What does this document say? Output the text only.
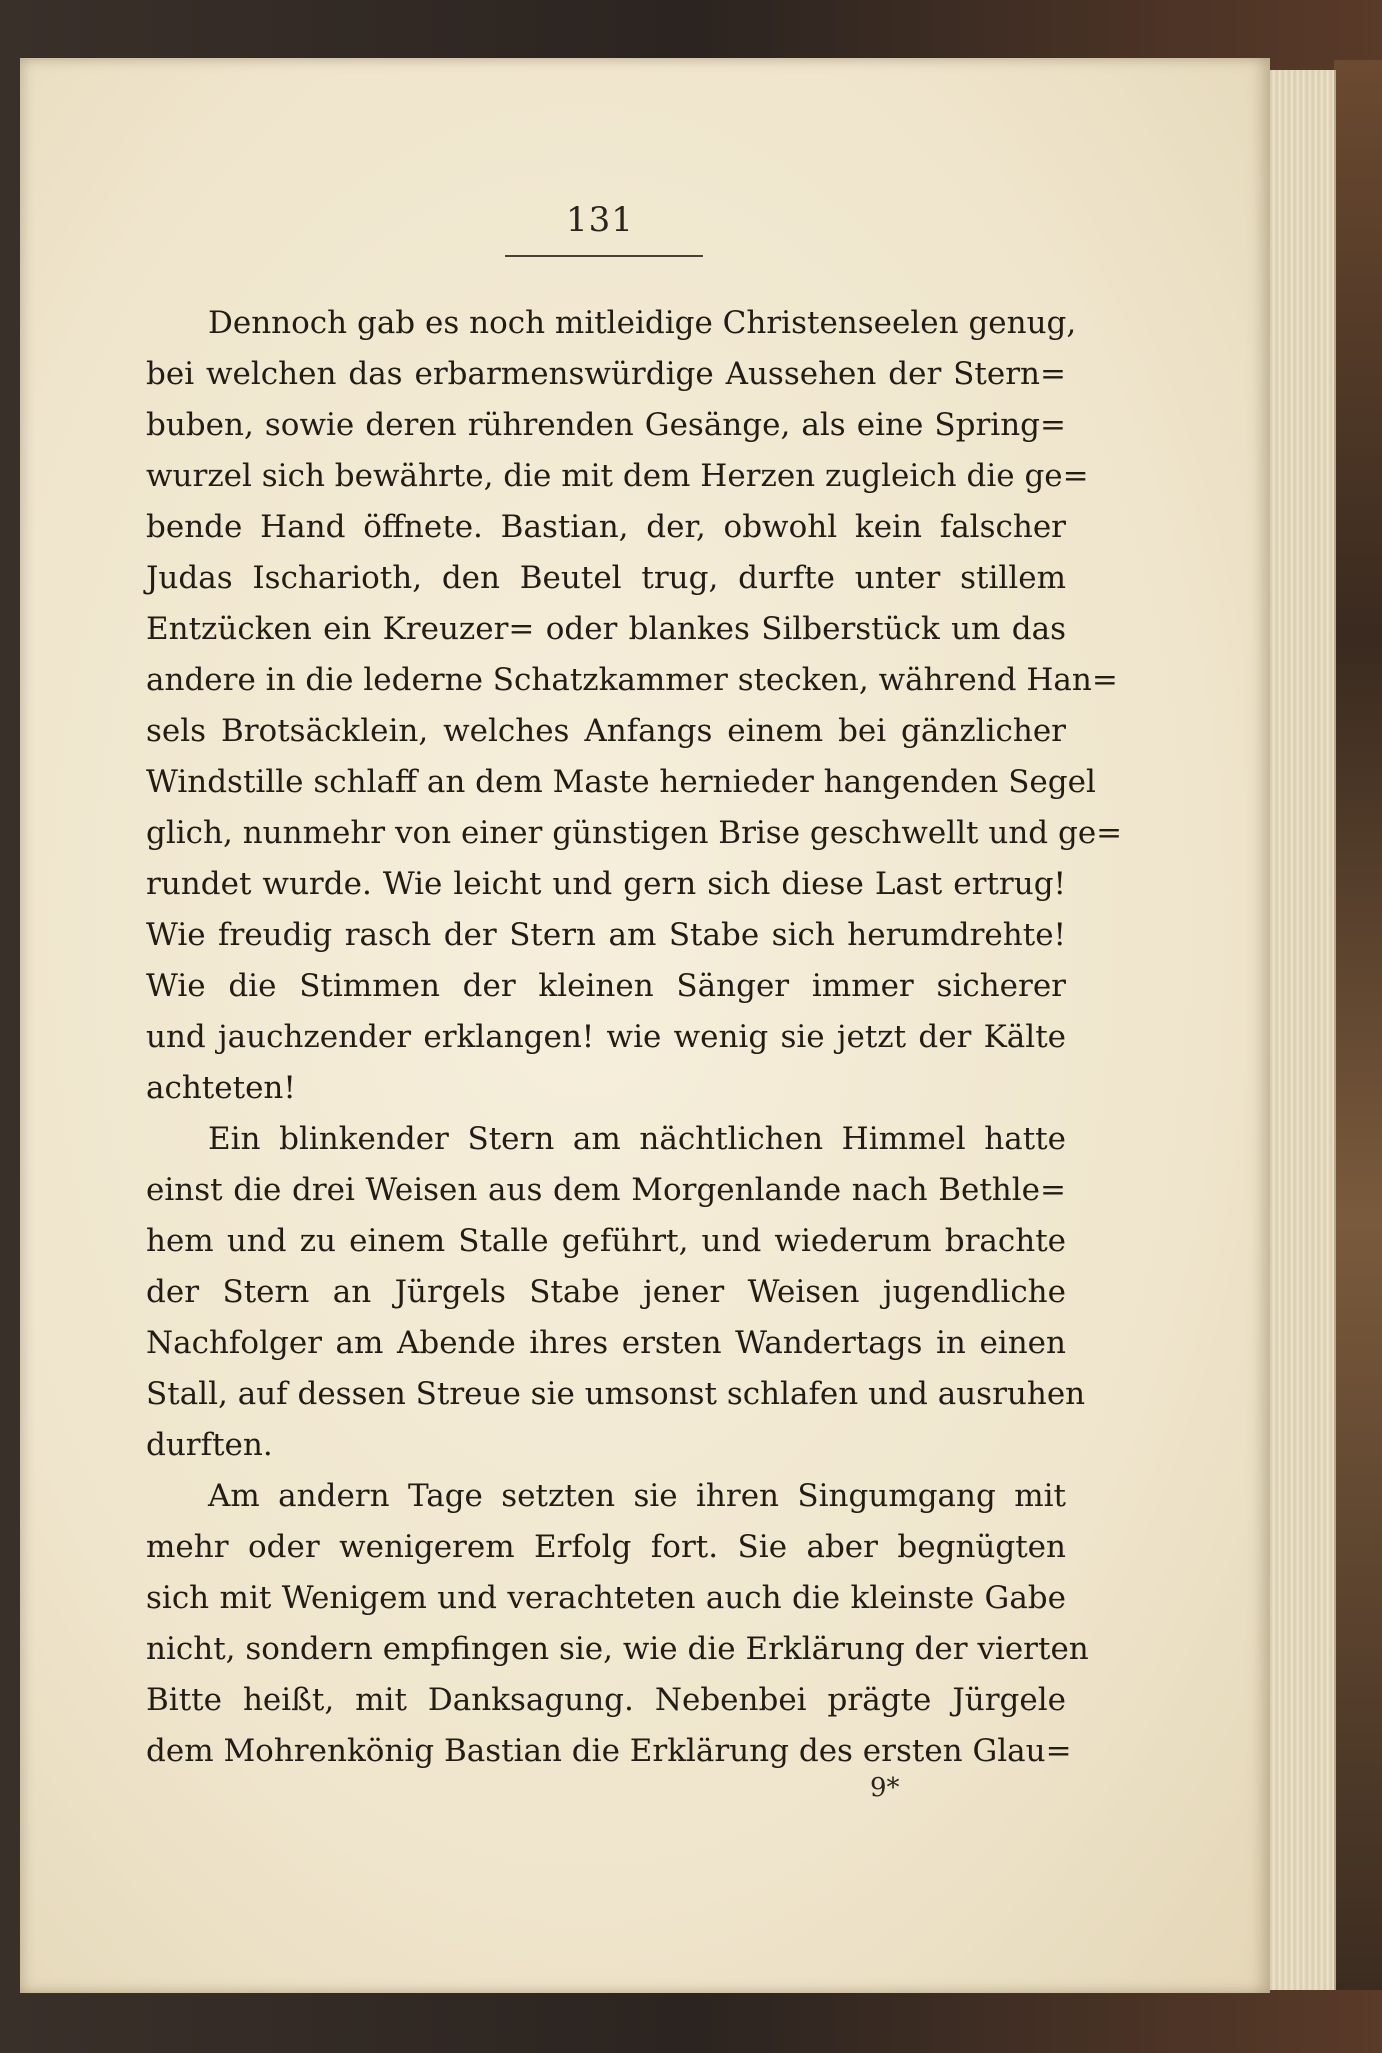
131
Dennoch gab es noch mitleidige Christenseelen genug,
bei welchen das erbarmenswürdige Aussehen der Stern=
buben, sowie deren rührenden Gesänge, als eine Spring=
wurzel sich bewährte, die mit dem Herzen zugleich die ge=
bende Hand öffnete. Bastian, der, obwohl kein falscher
Judas Ischarioth, den Beutel trug, durfte unter stillem
Entzücken ein Kreuzer= oder blankes Silberstück um das
andere in die lederne Schatzkammer stecken, während Han=
sels Brotsäcklein, welches Anfangs einem bei gänzlicher
Windstille schlaff an dem Maste hernieder hangenden Segel
glich, nunmehr von einer günstigen Brise geschwellt und ge=
rundet wurde. Wie leicht und gern sich diese Last ertrug!
Wie freudig rasch der Stern am Stabe sich herumdrehte!
Wie die Stimmen der kleinen Sänger immer sicherer
und jauchzender erklangen! wie wenig sie jetzt der Kälte
achteten!
Ein blinkender Stern am nächtlichen Himmel hatte
einst die drei Weisen aus dem Morgenlande nach Bethle=
hem und zu einem Stalle geführt, und wiederum brachte
der Stern an Jürgels Stabe jener Weisen jugendliche
Nachfolger am Abende ihres ersten Wandertags in einen
Stall, auf dessen Streue sie umsonst schlafen und ausruhen
durften.
Am andern Tage setzten sie ihren Singumgang mit
mehr oder wenigerem Erfolg fort. Sie aber begnügten
sich mit Wenigem und verachteten auch die kleinste Gabe
nicht, sondern empfingen sie, wie die Erklärung der vierten
Bitte heißt, mit Danksagung. Nebenbei prägte Jürgele
dem Mohrenkönig Bastian die Erklärung des ersten Glau=
9*
